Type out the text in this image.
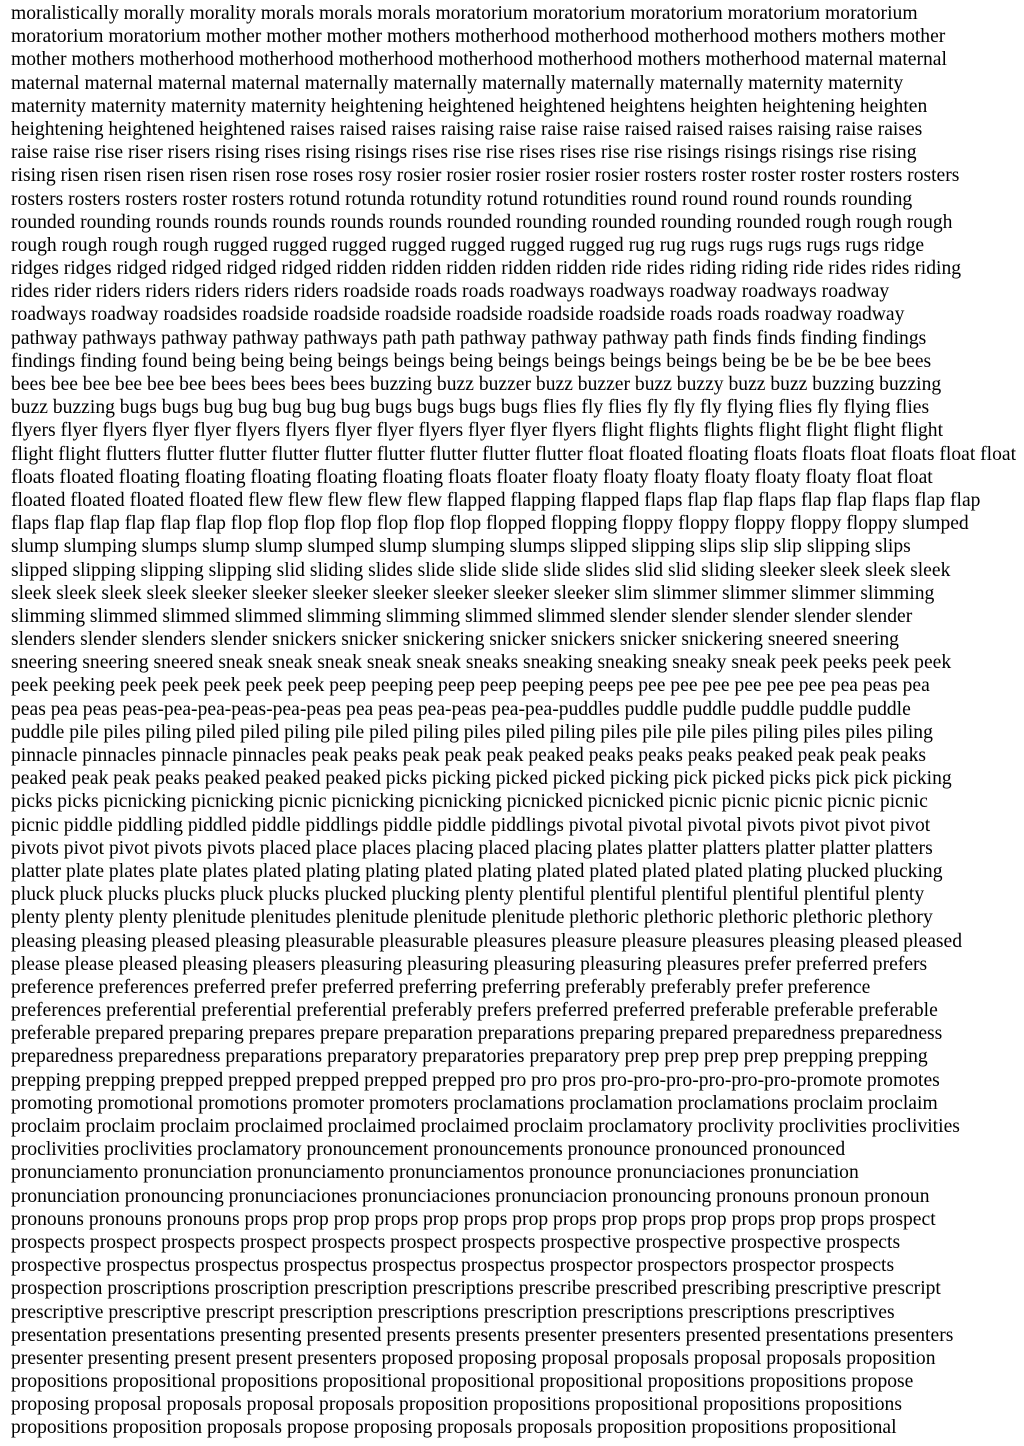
moralistically morally morality morals morals morals moratorium moratorium moratorium moratorium moratorium
moratorium moratorium mother mother mother mothers motherhood motherhood motherhood mothers mothers mother
mother mothers motherhood motherhood motherhood motherhood motherhood mothers motherhood maternal maternal
maternal maternal maternal maternal maternally maternally maternally maternally maternally maternity maternity
maternity maternity maternity maternity heightening heightened heightened heightens heighten heightening heighten
heightening heightened heightened raises raised raises raising raise raise raise raised raised raises raising raise raises
raise raise rise riser risers rising rises rising risings rises rise rise rises rises rise rise risings risings risings rise rising
rising risen risen risen risen risen rose roses rosy rosier rosier rosier rosier rosier rosters roster roster roster rosters rosters
rosters rosters rosters roster rosters rotund rotunda rotundity rotund rotundities round round round rounds rounding
rounded rounding rounds rounds rounds rounds rounds rounded rounding rounded rounding rounded rough rough rough
rough rough rough rough rugged rugged rugged rugged rugged rugged rugged rug rug rugs rugs rugs rugs rugs ridge
ridges ridges ridged ridged ridged ridged ridden ridden ridden ridden ridden ride rides riding riding ride rides rides riding
rides rider riders riders riders riders riders roadside roads roads roadways roadways roadway roadways roadway
roadways roadway roadsides roadside roadside roadside roadside roadside roadside roads roads roadway roadway
pathway pathways pathway pathway pathways path path pathway pathway pathway path finds finds finding findings
findings finding found being being being beings beings being beings beings beings beings being be be be be bee bees
bees bee bee bee bee bee bees bees bees bees buzzing buzz buzzer buzz buzzer buzz buzzy buzz buzz buzzing buzzing
buzz buzzing bugs bugs bug bug bug bug bug bugs bugs bugs bugs flies fly flies fly fly fly flying flies fly flying flies
flyers flyer flyers flyer flyer flyers flyers flyer flyer flyers flyer flyer flyers flight flights flights flight flight flight flight
flight flight flutters flutter flutter flutter flutter flutter flutter flutter flutter float floated floating floats floats float floats float float
floats floated floating floating floating floating floating floats floater floaty floaty floaty floaty floaty floaty float float
floated floated floated floated flew flew flew flew flew flapped flapping flapped flaps flap flap flaps flap flap flaps flap flap
flaps flap flap flap flap flap flop flop flop flop flop flop flop flopped flopping floppy floppy floppy floppy floppy slumped
slump slumping slumps slump slump slumped slump slumping slumps slipped slipping slips slip slip slipping slips
slipped slipping slipping slipping slid sliding slides slide slide slide slide slides slid slid sliding sleeker sleek sleek sleek
sleek sleek sleek sleek sleeker sleeker sleeker sleeker sleeker sleeker sleeker slim slimmer slimmer slimmer slimming
slimming slimmed slimmed slimmed slimming slimming slimmed slimmed slender slender slender slender slender
slenders slender slenders slender snickers snicker snickering snicker snickers snicker snickering sneered sneering
sneering sneering sneered sneak sneak sneak sneak sneak sneaks sneaking sneaking sneaky sneak peek peeks peek peek
peek peeking peek peek peek peek peek peep peeping peep peep peeping peeps pee pee pee pee pee pee pea peas pea
peas pea peas peas-pea-pea-peas-pea-peas pea peas pea-peas pea-pea-puddles puddle puddle puddle puddle puddle
puddle pile piles piling piled piled piling pile piled piling piles piled piling piles pile pile piles piling piles piles piling
pinnacle pinnacles pinnacle pinnacles peak peaks peak peak peak peaked peaks peaks peaks peaked peak peak peaks
peaked peak peak peaks peaked peaked peaked picks picking picked picked picking pick picked picks pick pick picking
picks picks picnicking picnicking picnic picnicking picnicking picnicked picnicked picnic picnic picnic picnic picnic
picnic piddle piddling piddled piddle piddlings piddle piddle piddlings pivotal pivotal pivotal pivots pivot pivot pivot
pivots pivot pivot pivots pivots placed place places placing placed placing plates platter platters platter platter platters
platter plate plates plate plates plated plating plating plated plating plated plated plated plated plating plucked plucking
pluck pluck plucks plucks pluck plucks plucked plucking plenty plentiful plentiful plentiful plentiful plentiful plenty
plenty plenty plenty plenitude plenitudes plenitude plenitude plenitude plethoric plethoric plethoric plethoric plethory
pleasing pleasing pleased pleasing pleasurable pleasurable pleasures pleasure pleasure pleasures pleasing pleased pleased
please please pleased pleasing pleasers pleasuring pleasuring pleasuring pleasuring pleasures prefer preferred prefers
preference preferences preferred prefer preferred preferring preferring preferably preferably prefer preference
preferences preferential preferential preferential preferably prefers preferred preferred preferable preferable preferable
preferable prepared preparing prepares prepare preparation preparations preparing prepared preparedness preparedness
preparedness preparedness preparations preparatory preparatories preparatory prep prep prep prep prepping prepping
prepping prepping prepped prepped prepped prepped prepped pro pro pros pro-pro-pro-pro-pro-pro-promote promotes
promoting promotional promotions promoter promoters proclamations proclamation proclamations proclaim proclaim
proclaim proclaim proclaim proclaimed proclaimed proclaimed proclaim proclamatory proclivity proclivities proclivities
proclivities proclivities proclamatory pronouncement pronouncements pronounce pronounced pronounced
pronunciamento pronunciation pronunciamento pronunciamentos pronounce pronunciaciones pronunciation
pronunciation pronouncing pronunciaciones pronunciaciones pronunciacion pronouncing pronouns pronoun pronoun
pronouns pronouns pronouns props prop prop props prop props prop props prop props prop props prop props prospect
prospects prospect prospects prospect prospects prospect prospects prospective prospective prospective prospects
prospective prospectus prospectus prospectus prospectus prospectus prospector prospectors prospector prospects
prospection proscriptions proscription prescription prescriptions prescribe prescribed prescribing prescriptive prescript
prescriptive prescriptive prescript prescription prescriptions prescription prescriptions prescriptions prescriptives
presentation presentations presenting presented presents presents presenter presenters presented presentations presenters
presenter presenting present present presenters proposed proposing proposal proposals proposal proposals proposition
propositions propositional propositions propositional propositional propositional propositions propositions propose
proposing proposal proposals proposal proposals proposition propositions propositional propositions propositions
propositions proposition proposals propose proposing proposals proposals proposition propositions propositional
